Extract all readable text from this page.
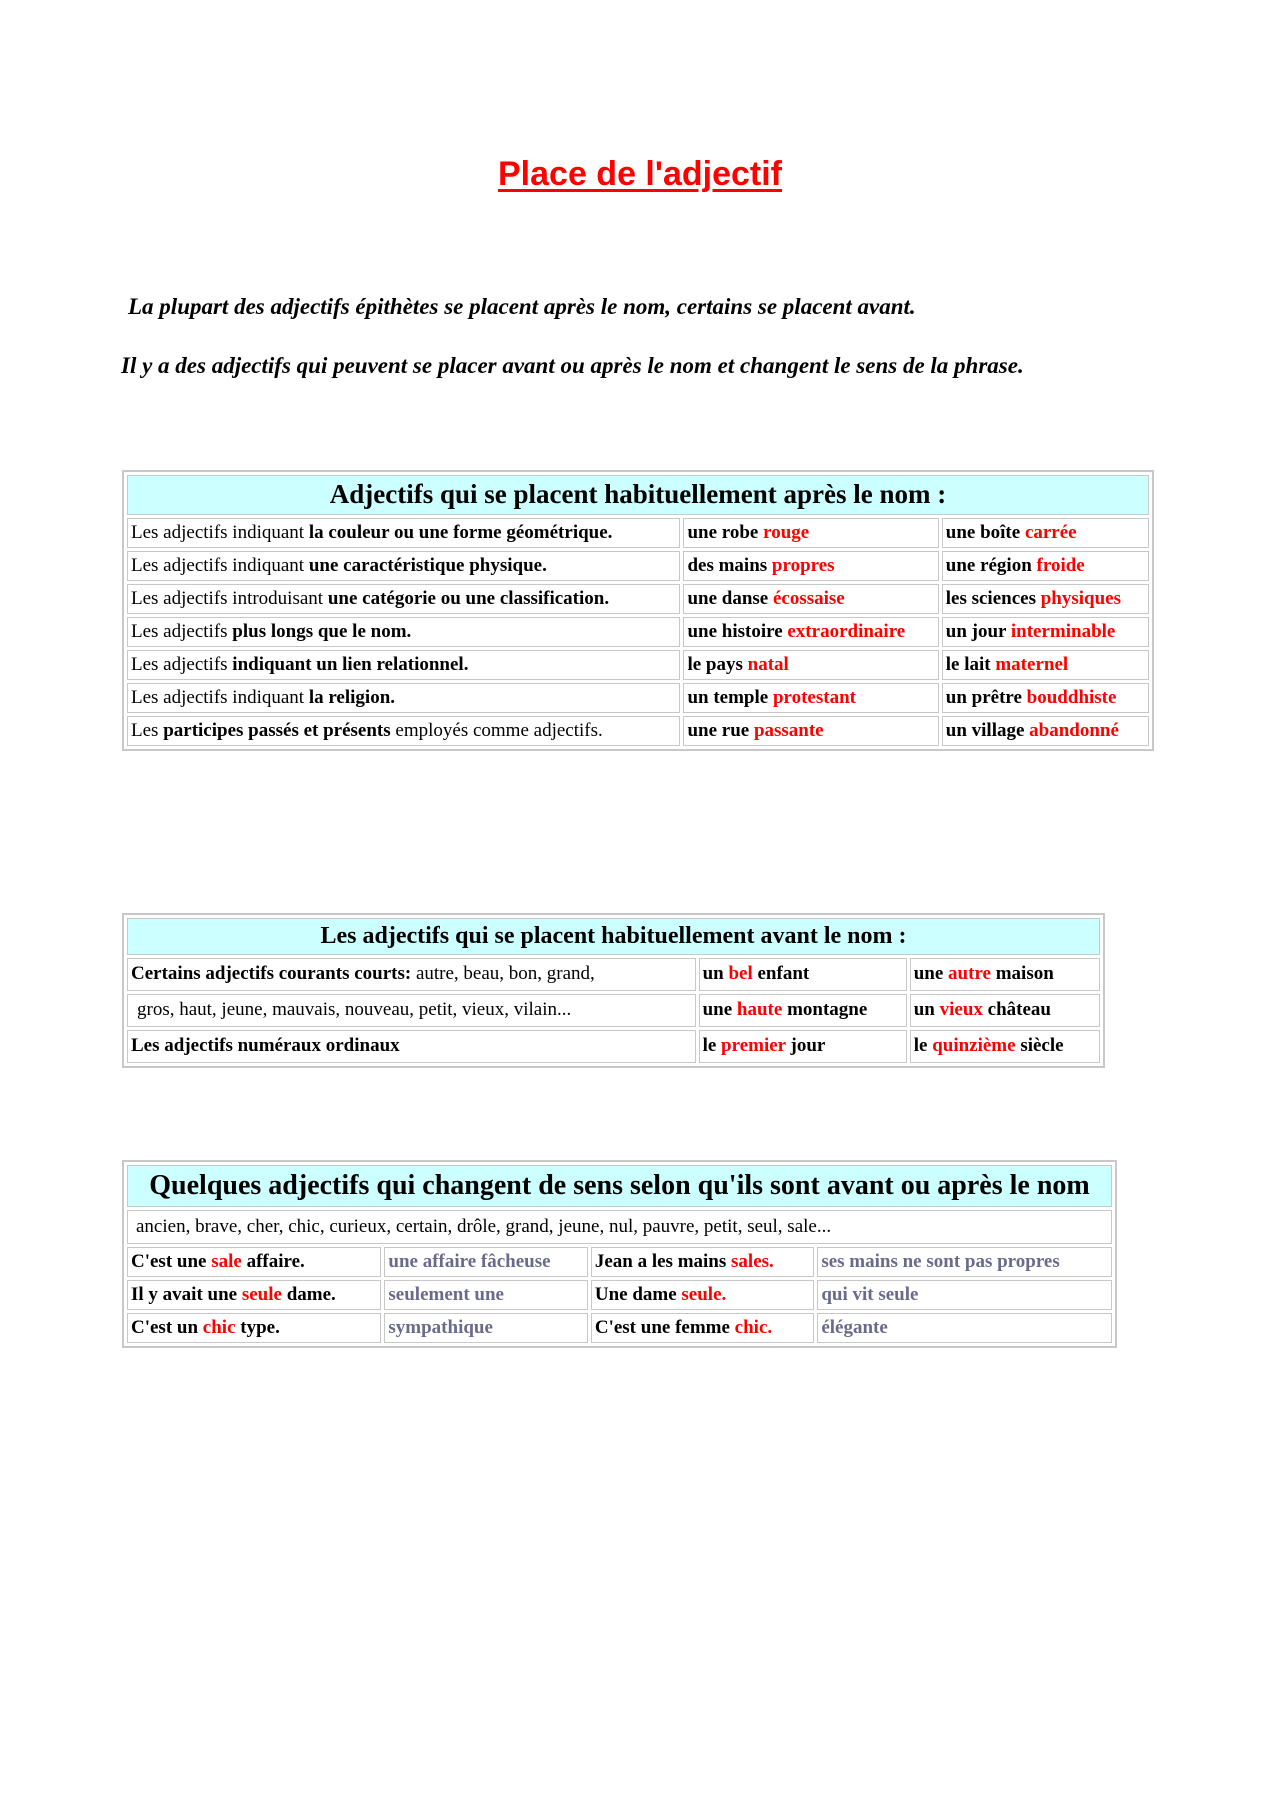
Place de l'adjectif
La plupart des adjectifs épithètes se placent après le nom, certains se placent avant.
Il y a des adjectifs qui peuvent se placer avant ou après le nom et changent le sens de la phrase.
Adjectifs qui se placent habituellement après le nom :		
Les adjectifs indiquant la couleur ou une forme géométrique.	une robe rouge	une boîte carrée
Les adjectifs indiquant une caractéristique physique.	des mains propres	une région froide
Les adjectifs introduisant une catégorie ou une classification.	une danse écossaise	les sciences physiques
Les adjectifs plus longs que le nom.	une histoire extraordinaire	un jour interminable
Les adjectifs indiquant un lien relationnel.	le pays natal	le lait maternel
Les adjectifs indiquant la religion.	un temple protestant	un prêtre bouddhiste
Les participes passés et présents employés comme adjectifs.	une rue passante	un village abandonné
Les adjectifs qui se placent habituellement avant le nom :		
Certains adjectifs courants courts: autre, beau, bon, grand,	un bel enfant	une autre maison
gros, haut, jeune, mauvais, nouveau, petit, vieux, vilain...	une haute montagne	un vieux château
Les adjectifs numéraux ordinaux	le premier jour	le quinzième siècle
Quelques adjectifs qui changent de sens selon qu'ils sont avant ou après le nom			
ancien, brave, cher, chic, curieux, certain, drôle, grand, jeune, nul, pauvre, petit, seul, sale...			
C'est une sale affaire.	une affaire fâcheuse	Jean a les mains sales.	ses mains ne sont pas propres
Il y avait une seule dame.	seulement une	Une dame seule.	qui vit seule
C'est un chic type.	sympathique	C'est une femme chic.	élégante
